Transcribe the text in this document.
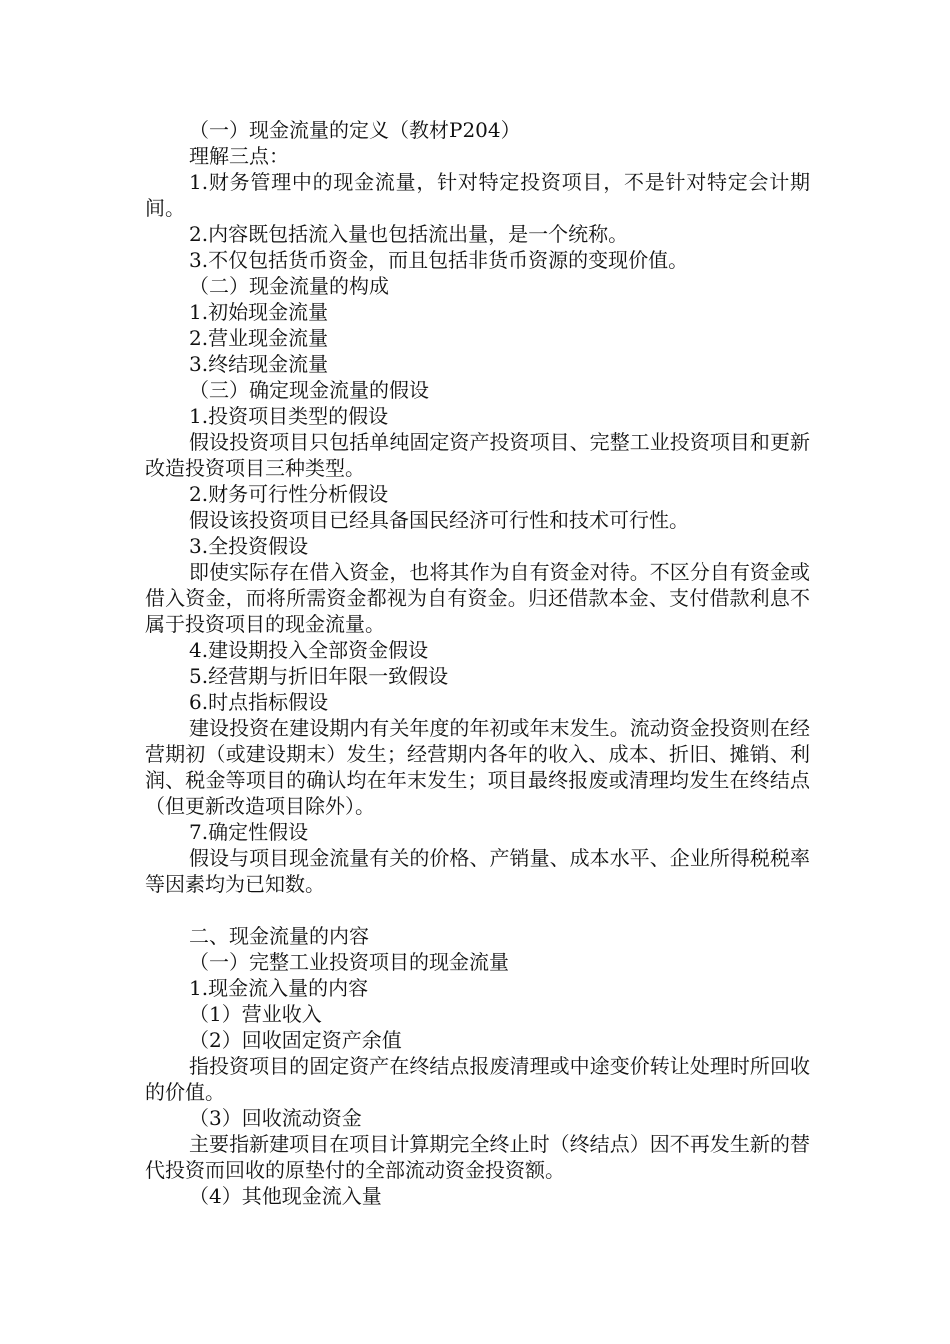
（一）现金流量的定义（教材P204）

理解三点：

1.财务管理中的现金流量，针对特定投资项目，不是针对特定会计期间。

2.内容既包括流入量也包括流出量，是一个统称。

3.不仅包括货币资金，而且包括非货币资源的变现价值。

（二）现金流量的构成

1.初始现金流量

2.营业现金流量

3.终结现金流量

（三）确定现金流量的假设

1.投资项目类型的假设

假设投资项目只包括单纯固定资产投资项目、完整工业投资项目和更新改造投资项目三种类型。

2.财务可行性分析假设

假设该投资项目已经具备国民经济可行性和技术可行性。

3.全投资假设

即使实际存在借入资金，也将其作为自有资金对待。不区分自有资金或借入资金，而将所需资金都视为自有资金。归还借款本金、支付借款利息不属于投资项目的现金流量。

4.建设期投入全部资金假设

5.经营期与折旧年限一致假设

6.时点指标假设

建设投资在建设期内有关年度的年初或年末发生。流动资金投资则在经营期初（或建设期末）发生；经营期内各年的收入、成本、折旧、摊销、利润、税金等项目的确认均在年末发生；项目最终报废或清理均发生在终结点（但更新改造项目除外）。

7.确定性假设

假设与项目现金流量有关的价格、产销量、成本水平、企业所得税税率等因素均为已知数。

二、现金流量的内容

（一）完整工业投资项目的现金流量

1.现金流入量的内容

（1）营业收入

（2）回收固定资产余值

指投资项目的固定资产在终结点报废清理或中途变价转让处理时所回收的价值。

（3）回收流动资金

主要指新建项目在项目计算期完全终止时（终结点）因不再发生新的替代投资而回收的原垫付的全部流动资金投资额。

（4）其他现金流入量
